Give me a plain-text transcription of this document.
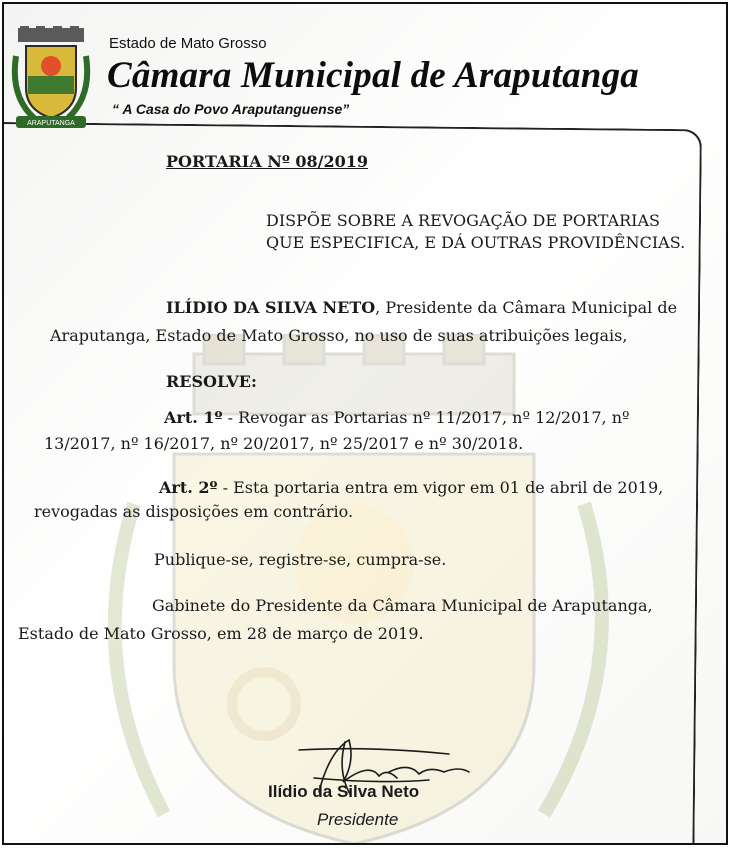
ARAPUTANGA
Estado de Mato Grosso
Câmara Municipal de Araputanga
“ A Casa do Povo Araputanguense”
PORTARIA Nº 08/2019
DISPÕE SOBRE A REVOGAÇÃO DE PORTARIAS
QUE ESPECIFICA, E DÁ OUTRAS PROVIDÊNCIAS.
ILÍDIO DA SILVA NETO, Presidente da Câmara Municipal de
Araputanga, Estado de Mato Grosso, no uso de suas atribuições legais,
RESOLVE:
Art. 1º - Revogar as Portarias nº 11/2017, nº 12/2017, nº
13/2017, nº 16/2017, nº 20/2017, nº 25/2017 e nº 30/2018.
Art. 2º - Esta portaria entra em vigor em 01 de abril de 2019,
revogadas as disposições em contrário.
Publique-se, registre-se, cumpra-se.
Gabinete do Presidente da Câmara Municipal de Araputanga,
Estado de Mato Grosso, em 28 de março de 2019.
Ilídio da Silva Neto
Presidente
